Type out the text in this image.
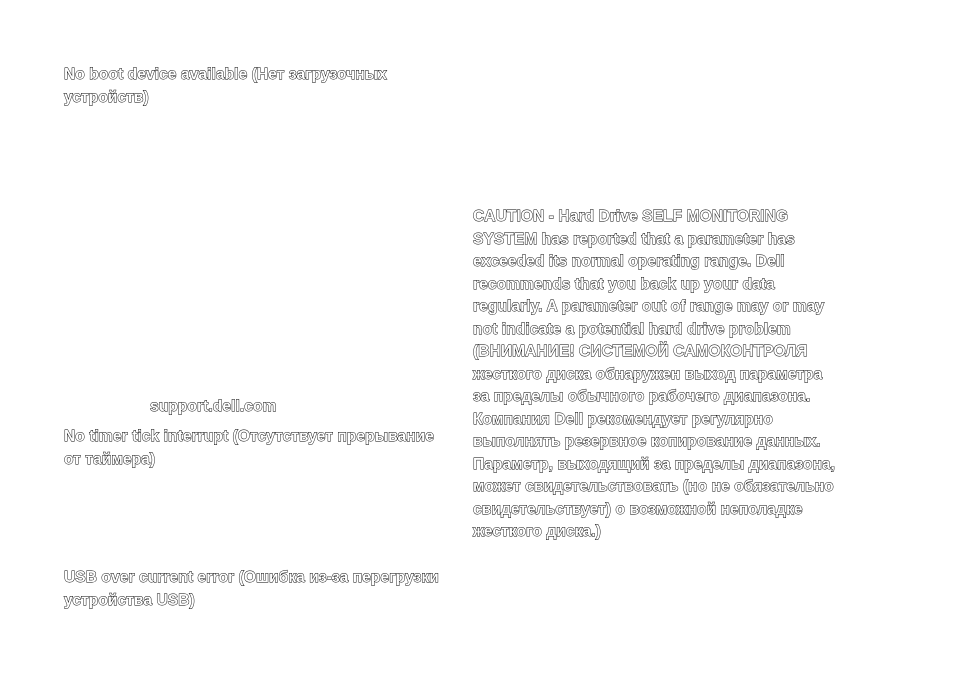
No boot device available (Нет загрузочных
устройств)

support.dell.com

No timer tick interrupt (Отсутствует прерывание
от таймера)

USB over current error (Ошибка из-за перегрузки
устройства USB)

CAUTION - Hard Drive SELF MONITORING
SYSTEM has reported that a parameter has
exceeded its normal operating range. Dell
recommends that you back up your data
regularly. A parameter out of range may or may
not indicate a potential hard drive problem
(ВНИМАНИЕ! СИСТЕМОЙ САМОКОНТРОЛЯ
жесткого диска обнаружен выход параметра
за пределы обычного рабочего диапазона.
Компания Dell рекомендует регулярно
выполнять резервное копирование данных.
Параметр, выходящий за пределы диапазона,
может свидетельствовать (но не обязательно
свидетельствует) о возможной неполадке
жесткого диска.)
